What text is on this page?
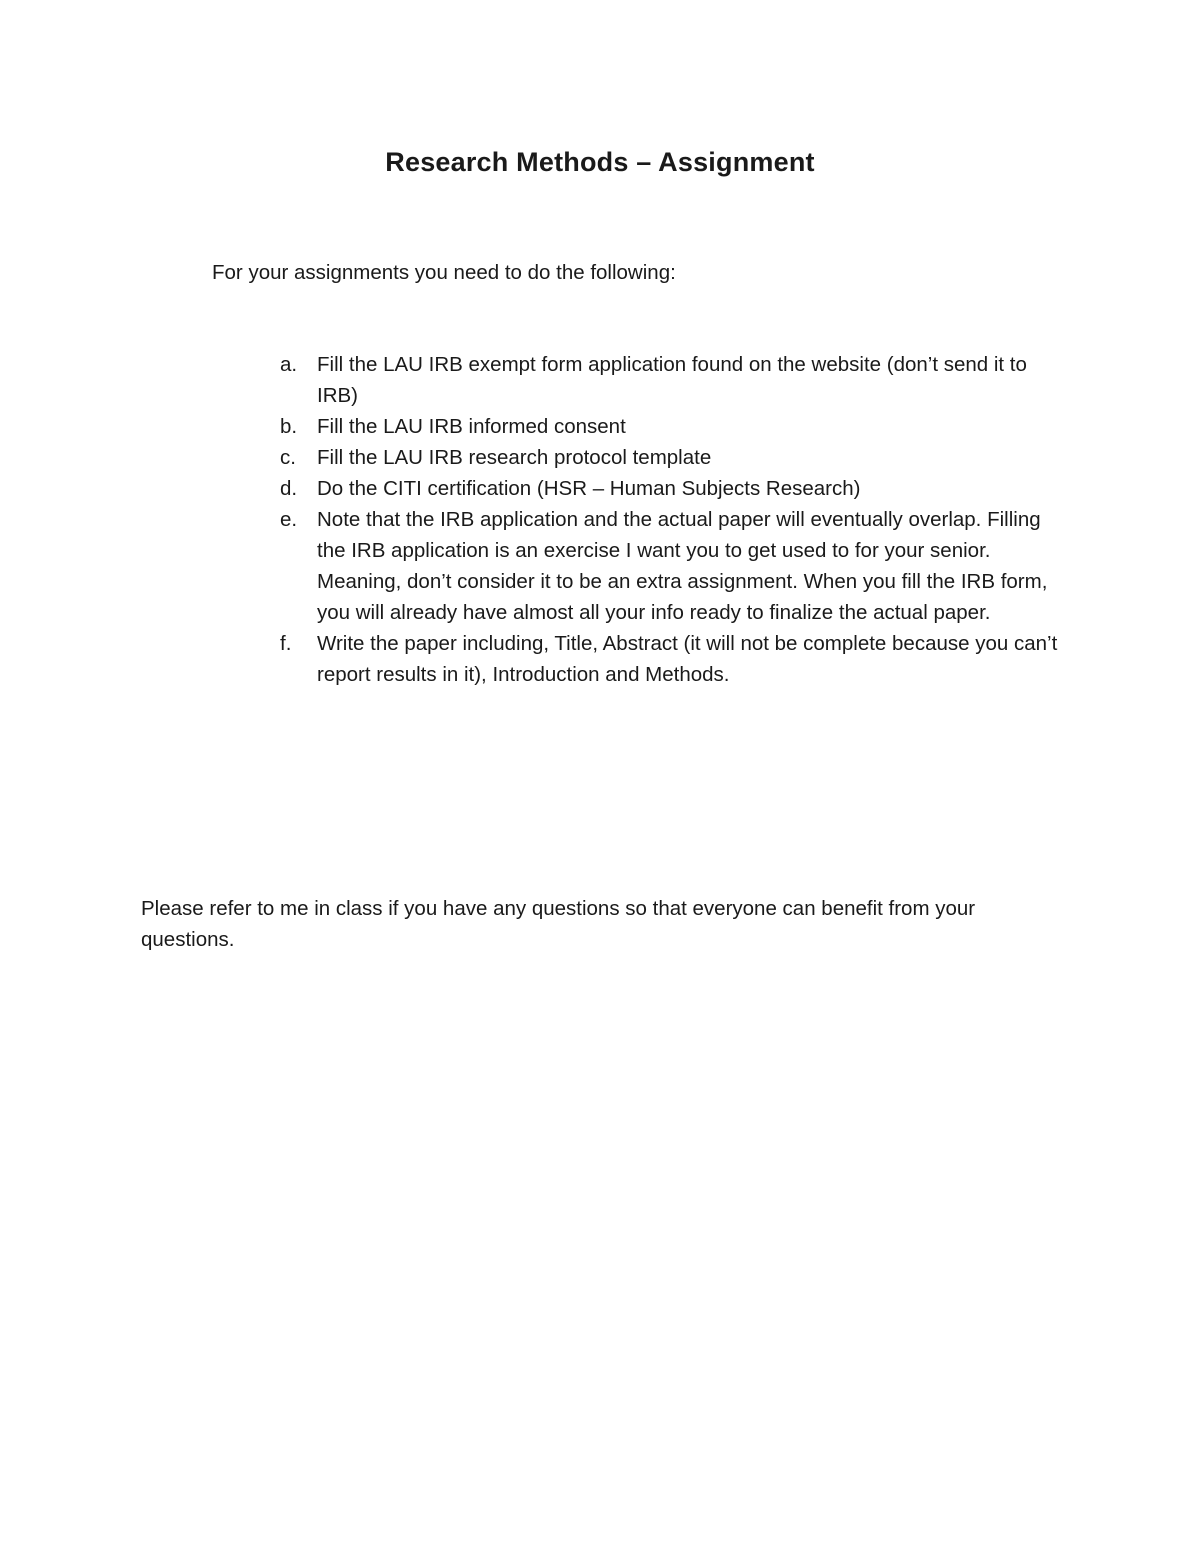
Research Methods – Assignment
For your assignments you need to do the following:
a. Fill the LAU IRB exempt form application found on the website (don’t send it to IRB)
b. Fill the LAU IRB informed consent
c.	Fill the LAU IRB research protocol template
d. Do the CITI certification (HSR – Human Subjects Research)
e. Note that the IRB application and the actual paper will eventually overlap. Filling the IRB application is an exercise I want you to get used to for your senior. Meaning, don’t consider it to be an extra assignment. When you fill the IRB form, you will already have almost all your info ready to finalize the actual paper.
f.	Write the paper including, Title, Abstract (it will not be complete because you can’t report results in it), Introduction and Methods.
Please refer to me in class if you have any questions so that everyone can benefit from your questions.
